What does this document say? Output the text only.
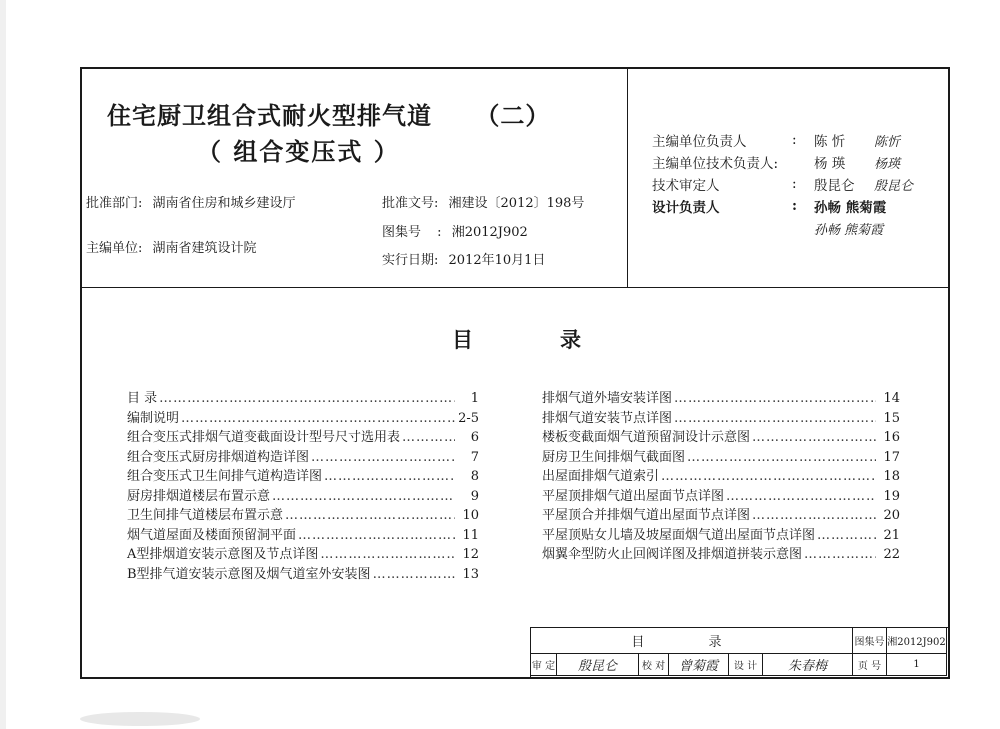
住宅厨卫组合式耐火型排气道 （二）
（ 组合变压式 ）
批准部门: 湖南省住房和城乡建设厅
主编单位: 湖南省建筑设计院
批准文号: 湘建设〔2012〕198号
图集号 : 湘2012J902
实行日期: 2012年10月1日
主编单位负责人	:	陈 忻	陈忻
主编单位技术负责人:	杨 瑛	杨瑛
技术审定人	:	殷昆仑	殷昆仑
设计负责人	:	孙畅 熊菊霞
孙畅 熊菊霞
目	录
目 录 ……………………………………………………………………………………	1
编制说明 ……………………………………………………………………………………	2-5
组合变压式排烟气道变截面设计型号尺寸选用表 ……………………………………………………………………………………	6
组合变压式厨房排烟道构造详图 ……………………………………………………………………………………	7
组合变压式卫生间排气道构造详图 ……………………………………………………………………………………	8
厨房排烟道楼层布置示意 ……………………………………………………………………………………	9
卫生间排气道楼层布置示意 ……………………………………………………………………………………	10
烟气道屋面及楼面预留洞平面 ……………………………………………………………………………………	11
A型排烟道安装示意图及节点详图 ……………………………………………………………………………………	12
B型排气道安装示意图及烟气道室外安装图 ……………………………………………………………………………………	13
排烟气道外墙安装详图 ……………………………………………………………………………………	14
排烟气道安装节点详图 ……………………………………………………………………………………	15
楼板变截面烟气道预留洞设计示意图 ……………………………………………………………………………………	16
厨房卫生间排烟气截面图 ……………………………………………………………………………………	17
出屋面排烟气道索引 ……………………………………………………………………………………	18
平屋顶排烟气道出屋面节点详图 ……………………………………………………………………………………	19
平屋顶合并排烟气道出屋面节点详图 ……………………………………………………………………………………	20
平屋顶贴女儿墙及坡屋面烟气道出屋面节点详图 ……………………………………………………………………………………	21
烟翼伞型防火止回阀详图及排烟道拼装示意图 ……………………………………………………………………………………	22
目 录	图集号 湘2012J902
审 定 殷昆仑 校 对	曾菊霞	设 计	朱春梅	页 号	1
